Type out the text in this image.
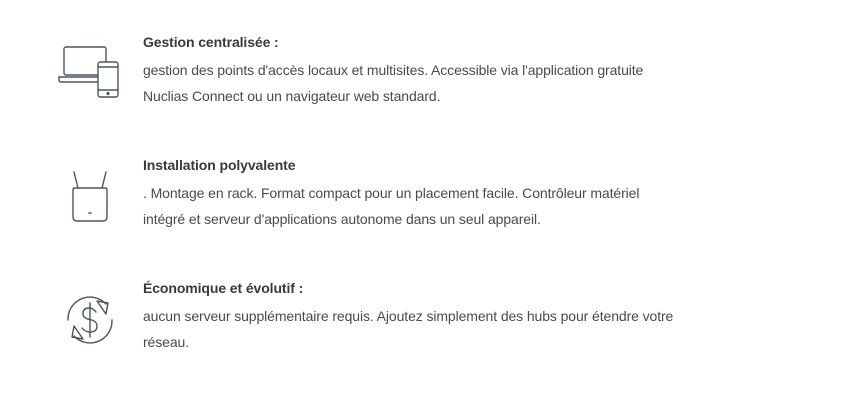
Gestion centralisée :

gestion des points d'accès locaux et multisites. Accessible via l'application gratuite
Nuclias Connect ou un navigateur web standard.

Installation polyvalente

. Montage en rack. Format compact pour un placement facile. Contrôleur matériel
intégré et serveur d'applications autonome dans un seul appareil.

Économique et évolutif :

aucun serveur supplémentaire requis. Ajoutez simplement des hubs pour étendre votre
réseau.
